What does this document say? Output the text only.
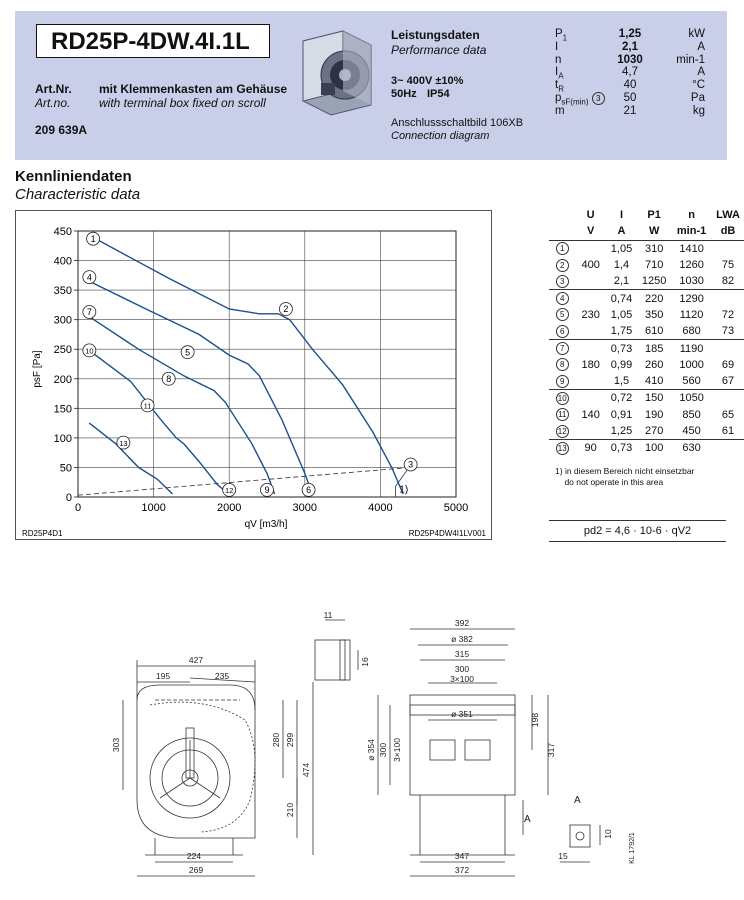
RD25P-4DW.4I.1L
Art.Nr. mit Klemmenkasten am Gehäuse
Art.no. with terminal box fixed on scroll
209 639A
Leistungsdaten
Performance data
3~ 400V ±10%
50Hz IP54
Anschlussschaltbild 106XB
Connection diagram
$P_1$	1,25	kW
I	2,1	A
n	1030	min-1
$I_A$	4,7	A
$t_R$	40	°C
$p_{sF(min)}$ 3	50	Pa
m	21	kg
Kennliniendaten
Characteristic data
0	1000	2000	3000	4000	5000
0
50
100
150
200
250
300
350
400
450
1
2
3
4
5
6
7
8
9
10
11
12
13
qV [m3/h]
psF [Pa]
RD25P4D1	RD25P4DW4I1LV001
1)
	U	I	P1	n	LWA
	V	A	W	min-1	dB
1		1,05	310	1410	
2	400	1,4	710	1260	75
3		2,1	1250	1030	82
4		0,74	220	1290	
5	230	1,05	350	1120	72
6		1,75	610	680	73
7		0,73	185	1190	
8	180	0,99	260	1000	69
9		1,5	410	560	67
10		0,72	150	1050	
11	140	0,91	190	850	65
12		1,25	270	450	61
13	90	0,73	100	630	
1) in diesem Bereich nicht einsetzbar
do not operate in this area
pd2 = 4,6 · 10-6 · qV2
427
195	235
303	280 299
474
210
224
269
11
16
392
ø 382
315
300
3×100
ø 351
ø 354 300 3×100
198
317
347
372
A
A
10
15	KL 1792/1
